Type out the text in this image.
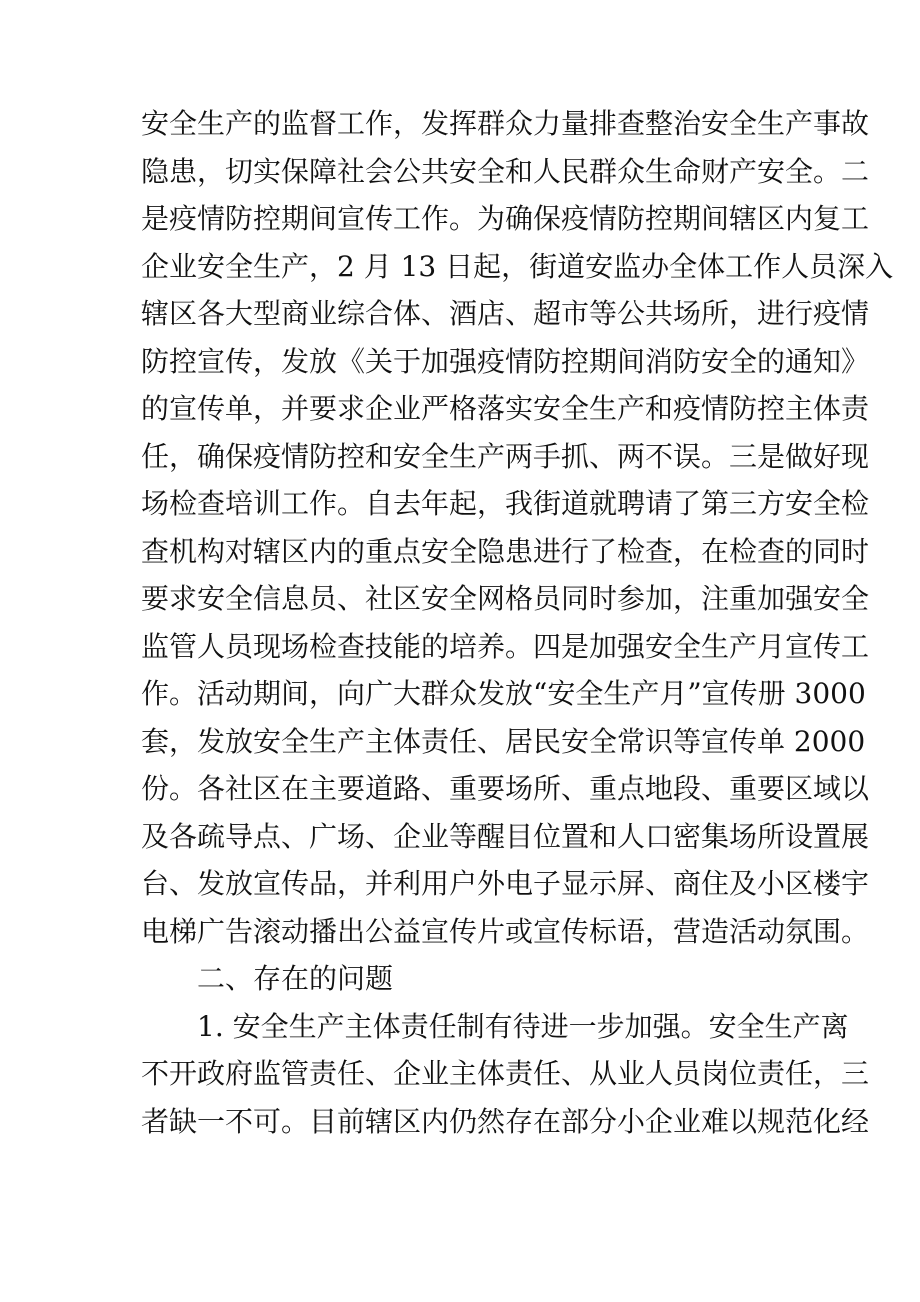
安全生产的监督工作，发挥群众力量排查整治安全生产事故
隐患，切实保障社会公共安全和人民群众生命财产安全。二
是疫情防控期间宣传工作。为确保疫情防控期间辖区内复工
企业安全生产，2 月 13 日起，街道安监办全体工作人员深入
辖区各大型商业综合体、酒店、超市等公共场所，进行疫情
防控宣传，发放《关于加强疫情防控期间消防安全的通知》
的宣传单，并要求企业严格落实安全生产和疫情防控主体责
任，确保疫情防控和安全生产两手抓、两不误。三是做好现
场检查培训工作。自去年起，我街道就聘请了第三方安全检
查机构对辖区内的重点安全隐患进行了检查，在检查的同时
要求安全信息员、社区安全网格员同时参加，注重加强安全
监管人员现场检查技能的培养。四是加强安全生产月宣传工
作。活动期间，向广大群众发放“安全生产月”宣传册 3000
套，发放安全生产主体责任、居民安全常识等宣传单 2000
份。各社区在主要道路、重要场所、重点地段、重要区域以
及各疏导点、广场、企业等醒目位置和人口密集场所设置展
台、发放宣传品，并利用户外电子显示屏、商住及小区楼宇
电梯广告滚动播出公益宣传片或宣传标语，营造活动氛围。
二、存在的问题
1. 安全生产主体责任制有待进一步加强。安全生产离
不开政府监管责任、企业主体责任、从业人员岗位责任，三
者缺一不可。目前辖区内仍然存在部分小企业难以规范化经
